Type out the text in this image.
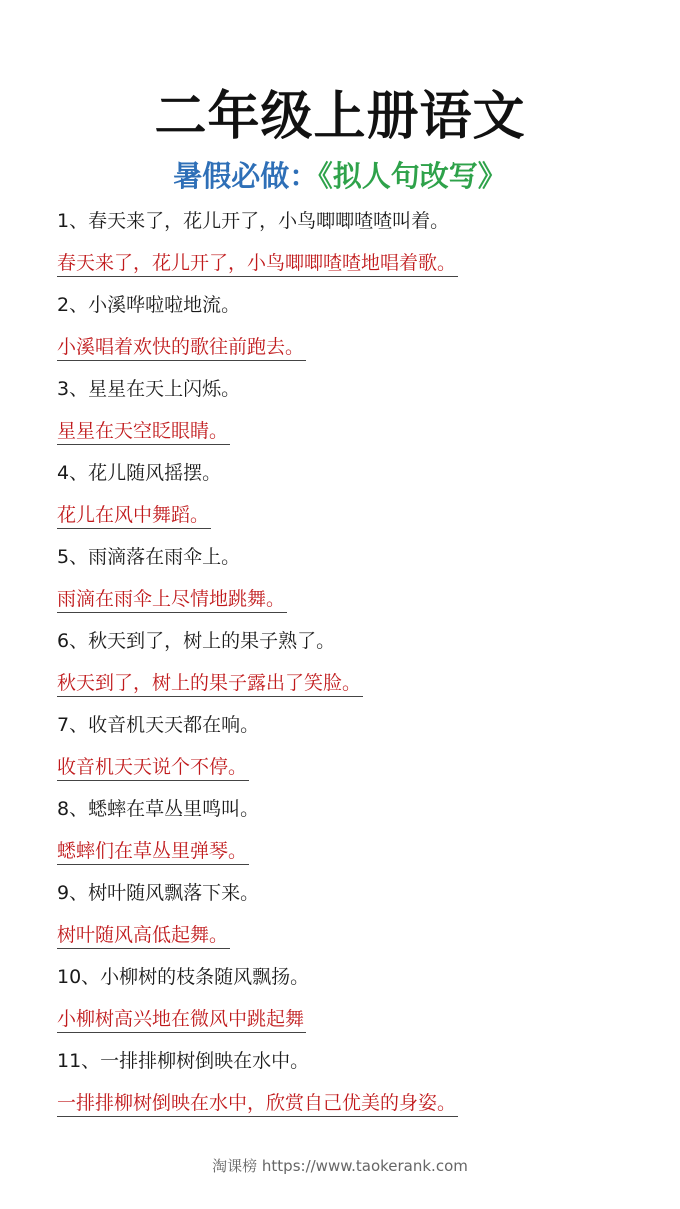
二年级上册语文
暑假必做：《拟人句改写》
1、春天来了，花儿开了，小鸟唧唧喳喳叫着。
春天来了，花儿开了，小鸟唧唧喳喳地唱着歌。
2、小溪哗啦啦地流。
小溪唱着欢快的歌往前跑去。
3、星星在天上闪烁。
星星在天空眨眼睛。
4、花儿随风摇摆。
花儿在风中舞蹈。
5、雨滴落在雨伞上。
雨滴在雨伞上尽情地跳舞。
6、秋天到了，树上的果子熟了。
秋天到了，树上的果子露出了笑脸。
7、收音机天天都在响。
收音机天天说个不停。
8、蟋蟀在草丛里鸣叫。
蟋蟀们在草丛里弹琴。
9、树叶随风飘落下来。
树叶随风高低起舞。
10、小柳树的枝条随风飘扬。
小柳树高兴地在微风中跳起舞
11、一排排柳树倒映在水中。
一排排柳树倒映在水中，欣赏自己优美的身姿。
淘课榜 https://www.taokerank.com
